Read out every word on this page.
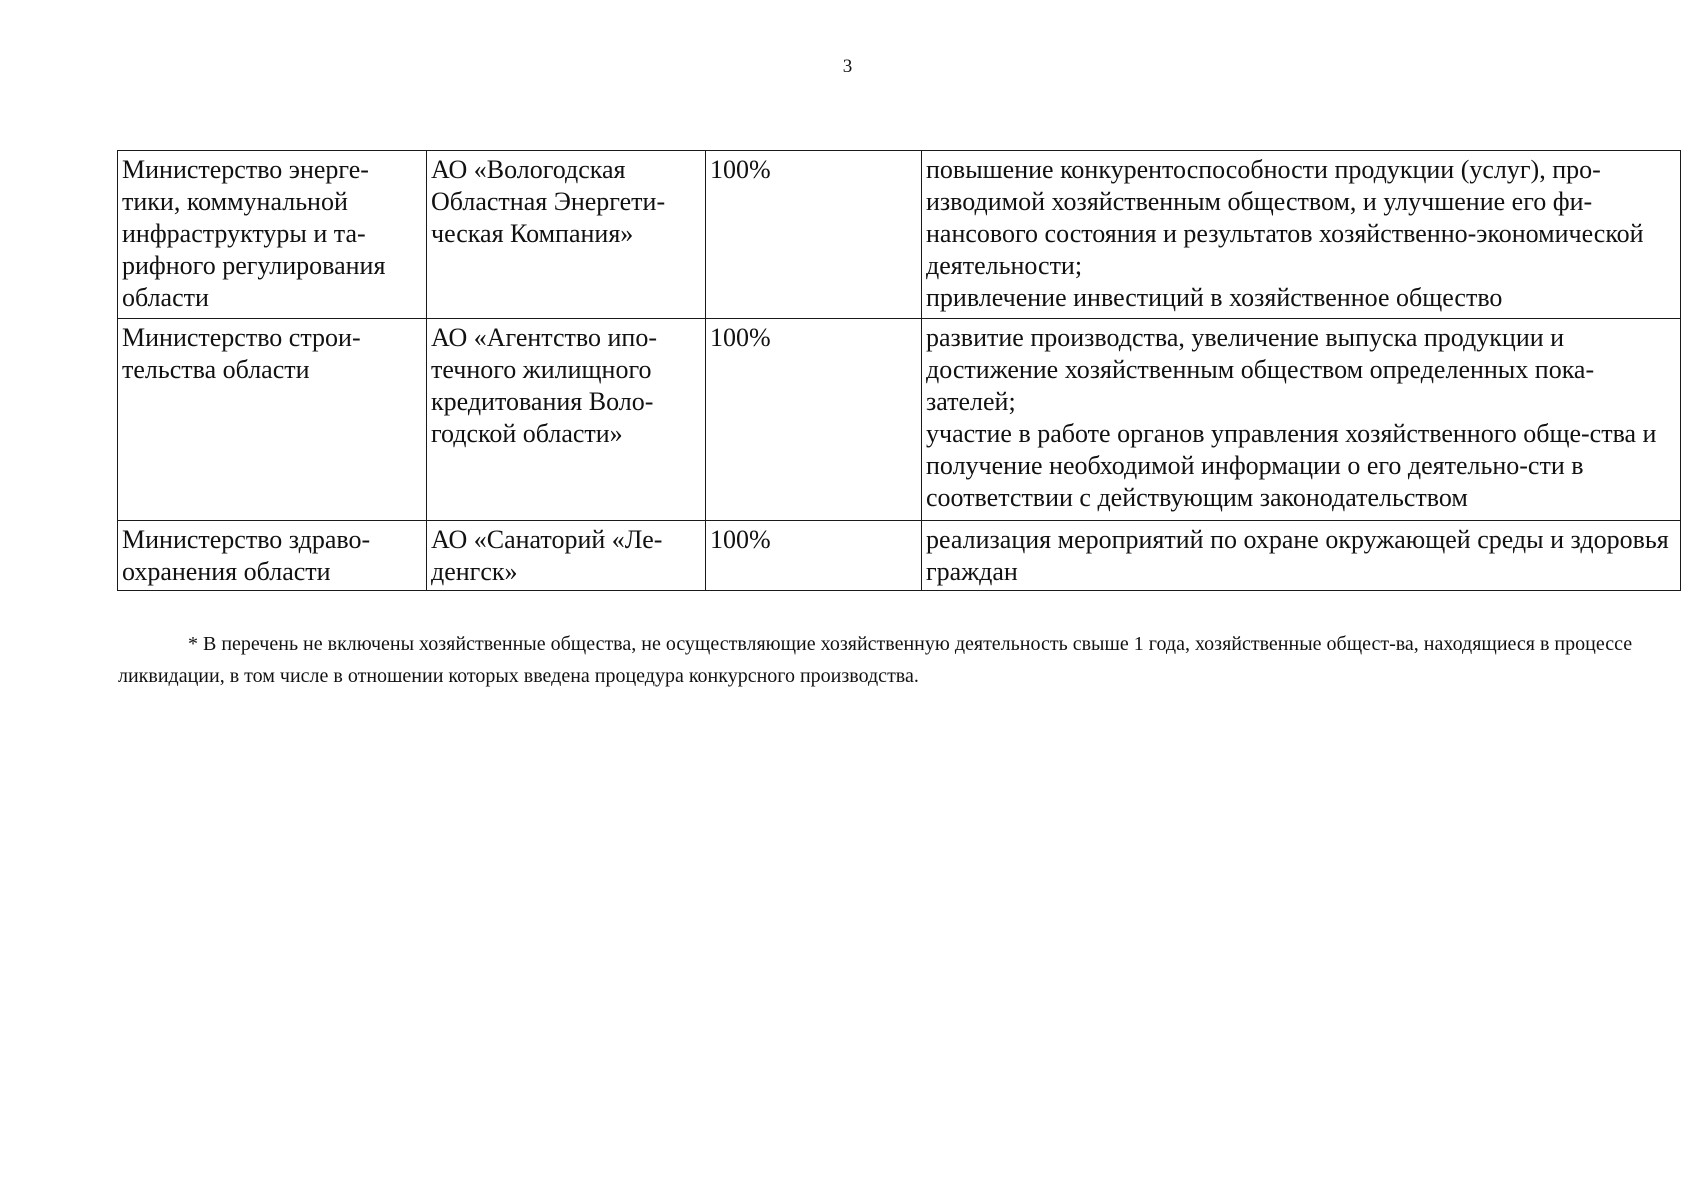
3
Министерство энерге-тики, коммунальной инфраструктуры и та-рифного регулирования области	АО «Вологодская Областная Энергети-ческая Компания»	100%	повышение конкурентоспособности продукции (услуг), про-изводимой хозяйственным обществом, и улучшение его фи-нансового состояния и результатов хозяйственно-экономической деятельности;
привлечение инвестиций в хозяйственное общество

Министерство строи-тельства области	АО «Агентство ипо-течного жилищного кредитования Воло-годской области»	100%	развитие производства, увеличение выпуска продукции и достижение хозяйственным обществом определенных пока-зателей;
участие в работе органов управления хозяйственного обще-ства и получение необходимой информации о его деятельно-сти в соответствии с действующим законодательством

Министерство здраво-охранения области	АО «Санаторий «Ле-денгск»	100%	реализация мероприятий по охране окружающей среды и здоровья граждан
* В перечень не включены хозяйственные общества, не осуществляющие хозяйственную деятельность свыше 1 года, хозяйственные общест-ва, находящиеся в процессе ликвидации, в том числе в отношении которых введена процедура конкурсного производства.
